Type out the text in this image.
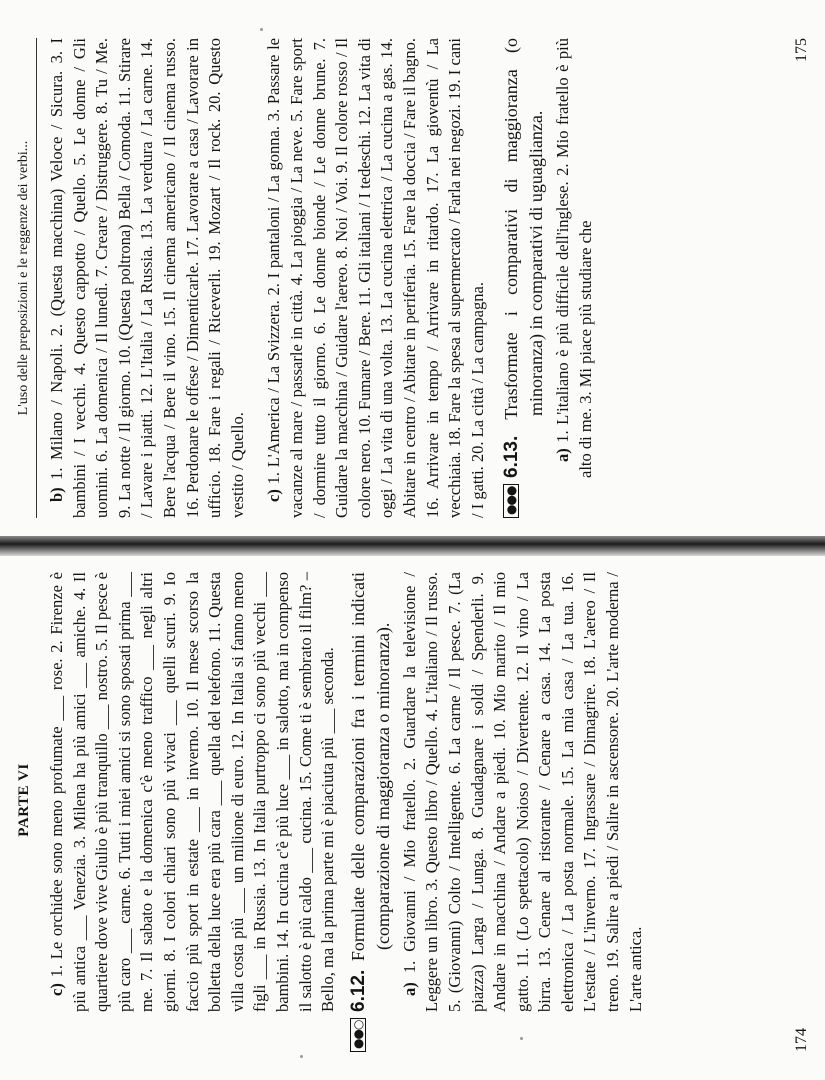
PARTE VI

c) 1. Le orchidee sono meno profumate ___ rose. 2. Firenze è più antica ___ Venezia. 3. Milena ha più amici ___ amiche. 4. Il quartiere dove vive Giulio è più tranquillo ___ nostro. 5. Il pesce è più caro ___ carne. 6. Tutti i miei amici si sono sposati prima ___ me. 7. Il sabato e la domenica c'è meno traffico ___ negli altri giorni. 8. I colori chiari sono più vivaci ___ quelli scuri. 9. Io faccio più sport in estate ___ in inverno. 10. Il mese scorso la bolletta della luce era più cara ___ quella del telefono. 11. Questa villa costa più ___ un milione di euro. 12. In Italia si fanno meno figli ___ in Russia. 13. In Italia purtroppo ci sono più vecchi ___ bambini. 14. In cucina c'è più luce ___ in salotto, ma in compenso il salotto è più caldo ___ cucina. 15. Come ti è sembrato il film? – Bello, ma la prima parte mi è piaciuta più ___ seconda.

●●○
6.12. Formulate delle comparazioni fra i termini indicati (comparazione di maggioranza o minoranza).

a) 1. Giovanni / Mio fratello. 2. Guardare la televisione / Leggere un libro. 3. Questo libro / Quello. 4. L'italiano / Il russo. 5. (Giovanni) Colto / Intelligente. 6. La carne / Il pesce. 7. (La piazza) Larga / Lunga. 8. Guadagnare i soldi / Spenderli. 9. Andare in macchina / Andare a piedi. 10. Mio marito / Il mio gatto. 11. (Lo spettacolo) Noioso / Divertente. 12. Il vino / La birra. 13. Cenare al ristorante / Cenare a casa. 14. La posta elettronica / La posta normale. 15. La mia casa / La tua. 16. L'estate / L'inverno. 17. Ingrassare / Dimagrire. 18. L'aereo / Il treno. 19. Salire a piedi / Salire in ascensore. 20. L'arte moderna / L'arte antica.

174
L'uso delle preposizioni e le reggenze dei verbi...

b) 1. Milano / Napoli. 2. (Questa macchina) Veloce / Sicura. 3. I bambini / I vecchi. 4. Questo cappotto / Quello. 5. Le donne / Gli uomini. 6. La domenica / Il lunedì. 7. Creare / Distruggere. 8. Tu / Me. 9. La notte / Il giorno. 10. (Questa poltrona) Bella / Comoda. 11. Stirare / Lavare i piatti. 12. L'Italia / La Russia. 13. La verdura / La carne. 14. Bere l'acqua / Bere il vino. 15. Il cinema americano / Il cinema russo. 16. Perdonare le offese / Dimenticarle. 17. Lavorare a casa / Lavorare in ufficio. 18. Fare i regali / Riceverli. 19. Mozart / Il rock. 20. Questo vestito / Quello. c) 1. L'America / La Svizzera. 2. I pantaloni / La gonna. 3. Passare le vacanze al mare / passarle in città. 4. La pioggia / La neve. 5. Fare sport / dormire tutto il giorno. 6. Le donne bionde / Le donne brune. 7. Guidare la macchina / Guidare l'aereo. 8. Noi / Voi. 9. Il colore rosso / Il colore nero. 10. Fumare / Bere. 11. Gli italiani / I tedeschi. 12. La vita di oggi / La vita di una volta. 13. La cucina elettrica / La cucina a gas. 14. Abitare in centro / Abitare in periferia. 15. Fare la doccia / Fare il bagno. 16. Arrivare in tempo / Arrivare in ritardo. 17. La gioventù / La vecchiaia. 18. Fare la spesa al supermercato / Farla nei negozi. 19. I cani / I gatti. 20. La città / La campagna. ●●●
6.13. Trasformate i comparativi di maggioranza (o minoranza) in comparativi di uguaglianza.

a) 1. L'italiano è più difficile dell'inglese. 2. Mio fratello è più alto di me. 3. Mi piace più studiare che

175
